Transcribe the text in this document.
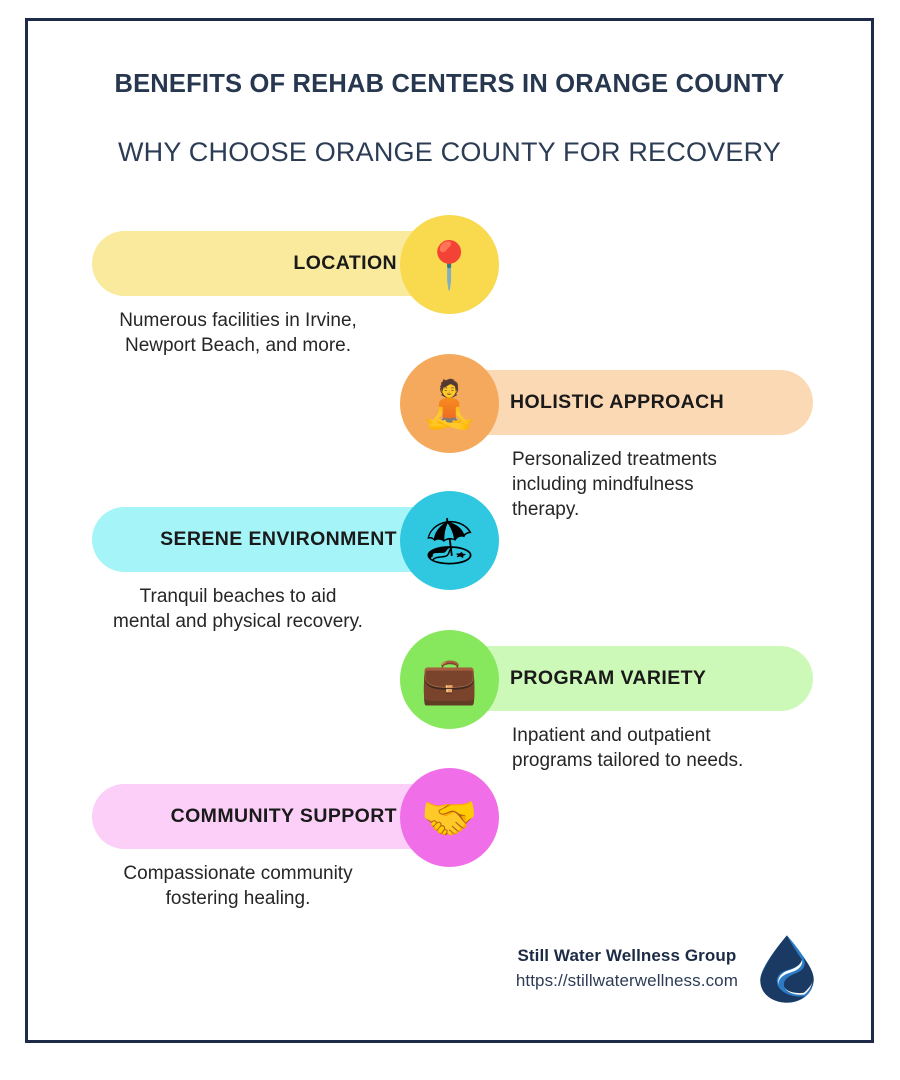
BENEFITS OF REHAB CENTERS IN ORANGE COUNTY
WHY CHOOSE ORANGE COUNTY FOR RECOVERY
Still Water Wellness Group
https://stillwaterwellness.com
LOCATION 📍
Numerous facilities in Irvine,
Newport Beach, and more.
HOLISTIC APPROACH
🧘
Personalized treatments
including mindfulness
therapy.
SERENE ENVIRONMENT 🏖
Tranquil beaches to aid
mental and physical recovery.
PROGRAM VARIETY
💼
Inpatient and outpatient
programs tailored to needs.
COMMUNITY SUPPORT 🤝
Compassionate community
fostering healing.
